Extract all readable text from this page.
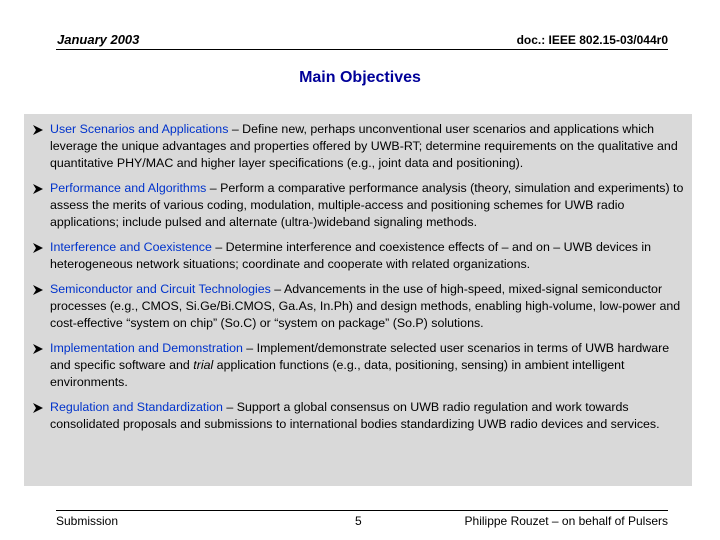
January 2003	doc.: IEEE 802.15-03/044r0
Main Objectives
User Scenarios and Applications – Define new, perhaps unconventional user scenarios and applications which leverage the unique advantages and properties offered by UWB-RT; determine requirements on the qualitative and quantitative PHY/MAC and higher layer specifications (e.g., joint data and positioning).
Performance and Algorithms – Perform a comparative performance analysis (theory, simulation and experiments) to assess the merits of various coding, modulation, multiple-access and positioning schemes for UWB radio applications; include pulsed and alternate (ultra-)wideband signaling methods.
Interference and Coexistence – Determine interference and coexistence effects of – and on – UWB devices in heterogeneous network situations; coordinate and cooperate with related organizations.
Semiconductor and Circuit Technologies – Advancements in the use of high-speed, mixed-signal semiconductor processes (e.g., CMOS, Si.Ge/Bi.CMOS, Ga.As, In.Ph) and design methods, enabling high-volume, low-power and cost-effective “system on chip” (So.C) or “system on package” (So.P) solutions.
Implementation and Demonstration – Implement/demonstrate selected user scenarios in terms of UWB hardware and specific software and trial application functions (e.g., data, positioning, sensing) in ambient intelligent environments.
Regulation and Standardization – Support a global consensus on UWB radio regulation and work towards consolidated proposals and submissions to international bodies standardizing UWB radio devices and services.
Submission	5	Philippe Rouzet – on behalf of Pulsers
